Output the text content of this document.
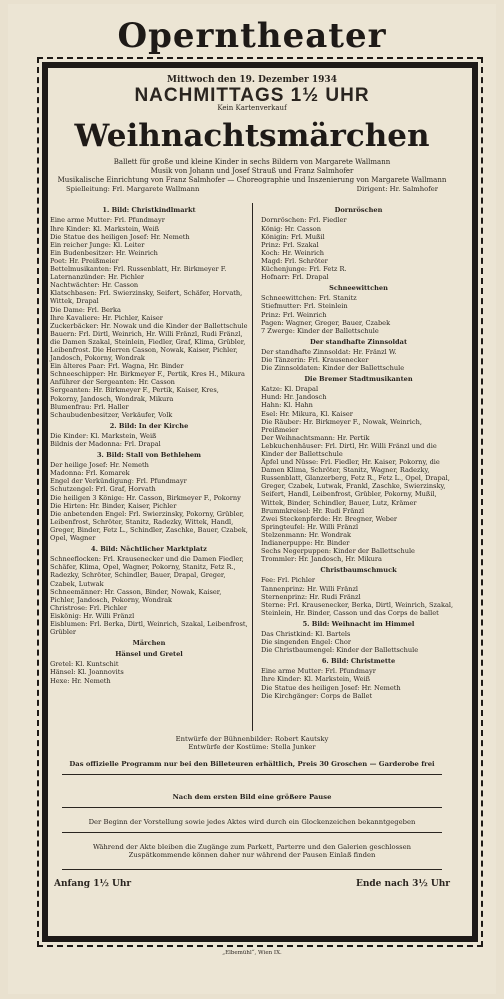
Operntheater
Mittwoch den 19. Dezember 1934
NACHMITTAGS 1½ UHR
Kein Kartenverkauf
Weihnachtsmärchen
Ballett für große und kleine Kinder in sechs Bildern von Margarete Wallmann
Musik von Johann und Josef Strauß und Franz Salmhofer
Musikalische Einrichtung von Franz Salmhofer — Choreographie und Inszenierung von Margarete Wallmann
Spielleitung: Frl. Margarete Wallmann	Dirigent: Hr. Salmhofer
1. Bild: Christkindlmarkt
Eine arme Mutter: Frl. Pfundmayr
Ihre Kinder: Kl. Markstein, Weiß
Die Statue des heiligen Josef: Hr. Nemeth
Ein reicher Junge: Kl. Leiter
Ein Budenbesitzer: Hr. Weinrich
Poet: Hr. Preißmeier
Bettelmusikanten: Frl. Russenblatt, Hr. Birkmeyer F.
Laternanzünder: Hr. Pichler
Nachtwächter: Hr. Casson
Klatschbasen: Frl. Swierzinsky, Seifert, Schäfer, Horvath, Wittek, Drapal
Die Dame: Frl. Berka
Ihre Kavaliere: Hr. Pichler, Kaiser
Zuckerbäcker: Hr. Nowak und die Kinder der Ballettschule
Bauern: Frl. Dirtl, Weinrich, Hr. Willi Fränzl, Rudi Fränzl, die Damen Szakal, Steinlein, Fiedler, Graf, Klima, Grübler, Leibenfrost. Die Herren Casson, Nowak, Kaiser, Pichler, Jandosch, Pokorny, Wondrak
Ein älteres Paar: Frl. Wagna, Hr. Binder
Schneeschipper: Hr. Birkmeyer F., Pertik, Kres H., Mikura
Anführer der Sergeanten: Hr. Casson
Sergeanten: Hr. Birkmeyer F., Pertik, Kaiser, Kres, Pokorny, Jandosch, Wondrak, Mikura
Blumenfrau: Frl. Haller
Schaubudenbesitzer, Verkäufer, Volk
2. Bild: In der Kirche
Die Kinder: Kl. Markstein, Weiß
Bildnis der Madonna: Frl. Drapal
3. Bild: Stall von Bethlehem
Der heilige Josef: Hr. Nemeth
Madonna: Frl. Komarek
Engel der Verkündigung: Frl. Pfundmayr
Schutzengel: Frl. Graf, Horvath
Die heiligen 3 Könige: Hr. Casson, Birkmeyer F., Pokorny
Die Hirten: Hr. Binder, Kaiser, Pichler
Die anbetenden Engel: Frl. Swierzinsky, Pokorny, Grübler, Leibenfrost, Schröter, Stanitz, Radezky, Wittek, Handl, Greger, Binder, Fetz L., Schindler, Zaschke, Bauer, Czabek, Opel, Wagner
4. Bild: Nächtlicher Marktplatz
Schneeflocken: Frl. Krausenecker und die Damen Fiedler, Schäfer, Klima, Opel, Wagner, Pokorny, Stanitz, Fetz R., Radezky, Schröter, Schindler, Bauer, Drapal, Greger, Czabek, Lutwak
Schneemänner: Hr. Casson, Binder, Nowak, Kaiser, Pichler, Jandosch, Pokorny, Wondrak
Christrose: Frl. Pichler
Eiskönig: Hr. Willi Fränzl
Eisblumen: Frl. Berka, Dirtl, Weinrich, Szakal, Leibenfrost, Grübler
Märchen
Hänsel und Gretel
Gretel: Kl. Kuntschit
Hänsel: Kl. Joannovits
Hexe: Hr. Nemeth
Dornröschen
Dornröschen: Frl. Fiedler
König: Hr. Casson
Königin: Frl. Mußil
Prinz: Frl. Szakal
Koch: Hr. Weinrich
Magd: Frl. Schröter
Küchenjunge: Frl. Fetz R.
Hofnarr: Frl. Drapal
Schneewittchen
Schneewittchen: Frl. Stanitz
Stiefmutter: Frl. Steinlein
Prinz: Frl. Weinrich
Pagen: Wagner, Greger, Bauer, Czabek
7 Zwerge: Kinder der Ballettschule
Der standhafte Zinnsoldat
Der standhafte Zinnsoldat: Hr. Fränzl W.
Die Tänzerin: Frl. Krausenecker
Die Zinnsoldaten: Kinder der Ballettschule
Die Bremer Stadtmusikanten
Katze: Kl. Drapal
Hund: Hr. Jandosch
Hahn: Kl. Hahn
Esel: Hr. Mikura, Kl. Kaiser
Die Räuber: Hr. Birkmeyer F., Nowak, Weinrich, Preißmeier
Der Weihnachtsmann: Hr. Pertik
Lebkuchenhäuser: Frl. Dirtl, Hr. Willi Fränzl und die Kinder der Ballettschule
Äpfel und Nüsse: Frl. Fiedler, Hr. Kaiser, Pokorny, die Damen Klima, Schröter, Stanitz, Wagner, Radezky, Russenblatt, Glanzerberg, Fetz R., Fetz L., Opel, Drapal, Greger, Czabek, Lutwak, Frankl, Zaschke, Swierzinsky, Seifert, Handl, Leibenfrost, Grübler, Pokorny, Mußil, Wittek, Binder, Schindler, Bauer, Lutz, Krämer
Brummkreisel: Hr. Rudi Fränzl
Zwei Steckenpferde: Hr. Bregner, Weber
Springteufel: Hr. Willi Fränzl
Stelzenmann: Hr. Wondrak
Indianerpuppe: Hr. Binder
Sechs Negerpuppen: Kinder der Ballettschule
Trommler: Hr. Jandosch, Hr. Mikura
Christbaumschmuck
Fee: Frl. Pichler
Tannenprinz: Hr. Willi Fränzl
Sternenprinz: Hr. Rudi Fränzl
Sterne: Frl. Krausenecker, Berka, Dirtl, Weinrich, Szakal, Steinlein, Hr. Binder, Casson und das Corps de ballet
5. Bild: Weihnacht im Himmel
Das Christkind: Kl. Bartels
Die singenden Engel: Chor
Die Christbaumengel: Kinder der Ballettschule
6. Bild: Christmette
Eine arme Mutter: Frl. Pfundmayr
Ihre Kinder: Kl. Markstein, Weiß
Die Statue des heiligen Josef: Hr. Nemeth
Die Kirchgänger: Corps de Ballet
Entwürfe der Bühnenbilder: Robert Kautsky
Entwürfe der Kostüme: Stella Junker
Das offizielle Programm nur bei den Billeteuren erhältlich, Preis 30 Groschen — Garderobe frei
Nach dem ersten Bild eine größere Pause
Der Beginn der Vorstellung sowie jedes Aktes wird durch ein Glockenzeichen bekanntgegeben
Während der Akte bleiben die Zugänge zum Parkett, Parterre und den Galerien geschlossen Zuspätkommende können daher nur während der Pausen Einlaß finden
Anfang 1½ Uhr	Ende nach 3½ Uhr
„Elbemühl“, Wien IX.
